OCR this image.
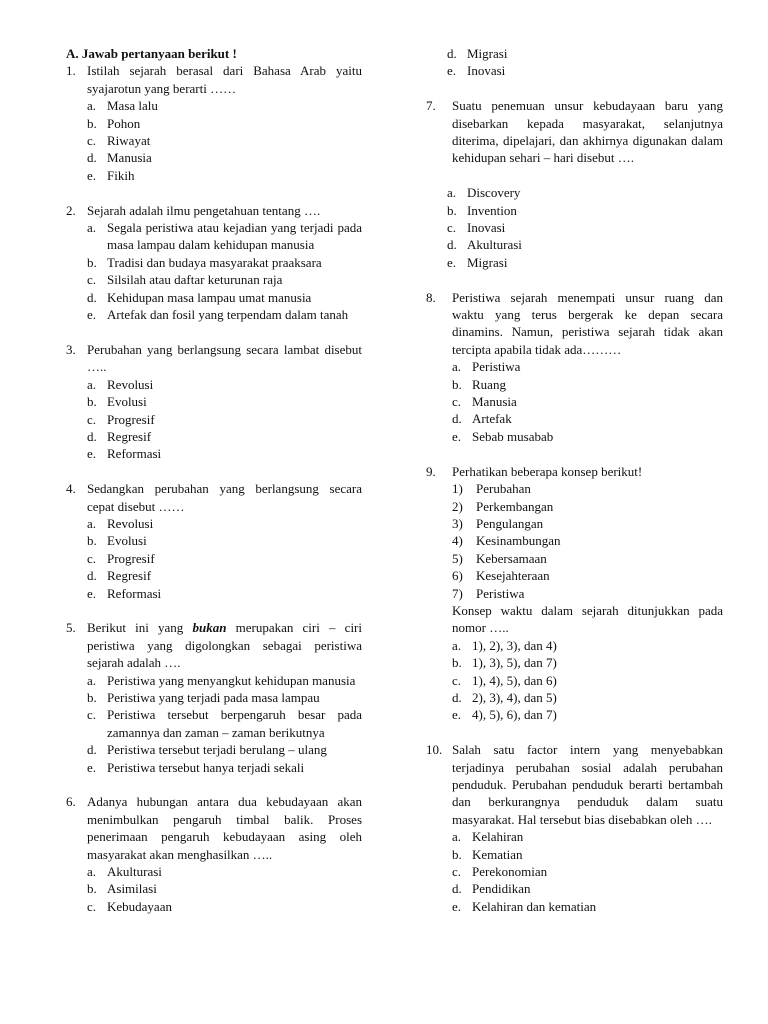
A. Jawab pertanyaan berikut !

1. Istilah sejarah berasal dari Bahasa Arab yaitu syajarotun yang berarti ……
a. Masa lalu
b. Pohon
c. Riwayat
d. Manusia
e. Fikih
2. Sejarah adalah ilmu pengetahuan tentang ….
a. Segala peristiwa atau kejadian yang terjadi pada masa lampau dalam kehidupan manusia
b. Tradisi dan budaya masyarakat praaksara
c. Silsilah atau daftar keturunan raja
d. Kehidupan masa lampau umat manusia
e. Artefak dan fosil yang terpendam dalam tanah
3. Perubahan yang berlangsung secara lambat disebut …..
a. Revolusi
b. Evolusi
c. Progresif
d. Regresif
e. Reformasi
4. Sedangkan perubahan yang berlangsung secara cepat disebut ……
a. Revolusi
b. Evolusi
c. Progresif
d. Regresif
e. Reformasi
5. Berikut ini yang bukan merupakan ciri – ciri peristiwa yang digolongkan sebagai peristiwa sejarah adalah ….
a. Peristiwa yang menyangkut kehidupan manusia
b. Peristiwa yang terjadi pada masa lampau
c. Peristiwa tersebut berpengaruh besar pada zamannya dan zaman – zaman berikutnya
d. Peristiwa tersebut terjadi berulang – ulang
e. Peristiwa tersebut hanya terjadi sekali
6. Adanya hubungan antara dua kebudayaan akan menimbulkan pengaruh timbal balik. Proses penerimaan pengaruh kebudayaan asing oleh masyarakat akan menghasilkan …..
a. Akulturasi
b. Asimilasi
c. Kebudayaan
d. Migrasi
e. Inovasi
7.	Suatu penemuan unsur kebudayaan baru yang disebarkan kepada masyarakat, selanjutnya diterima, dipelajari, dan akhirnya digunakan dalam kehidupan sehari – hari disebut ….
a. Discovery
b. Invention
c. Inovasi
d. Akulturasi
e. Migrasi
8.	Peristiwa sejarah menempati unsur ruang dan waktu yang terus bergerak ke depan secara dinamins. Namun, peristiwa sejarah tidak akan tercipta apabila tidak ada………
a. Peristiwa
b. Ruang
c. Manusia
d. Artefak
e. Sebab musabab
9.	Perhatikan beberapa konsep berikut!
1)	Perubahan
2)	Perkembangan
3)	Pengulangan
4)	Kesinambungan
5)	Kebersamaan
6)	Kesejahteraan
7)	Peristiwa

Konsep waktu dalam sejarah ditunjukkan pada nomor …..

a. 1), 2), 3), dan 4)
b. 1), 3), 5), dan 7)
c. 1), 4), 5), dan 6)
d. 2), 3), 4), dan 5)
e. 4), 5), 6), dan 7)
10. Salah satu factor intern yang menyebabkan terjadinya perubahan sosial adalah perubahan penduduk. Perubahan penduduk berarti bertambah dan berkurangnya penduduk dalam suatu masyarakat. Hal tersebut bias disebabkan oleh ….
a. Kelahiran
b. Kematian
c. Perekonomian
d. Pendidikan
e. Kelahiran dan kematian
